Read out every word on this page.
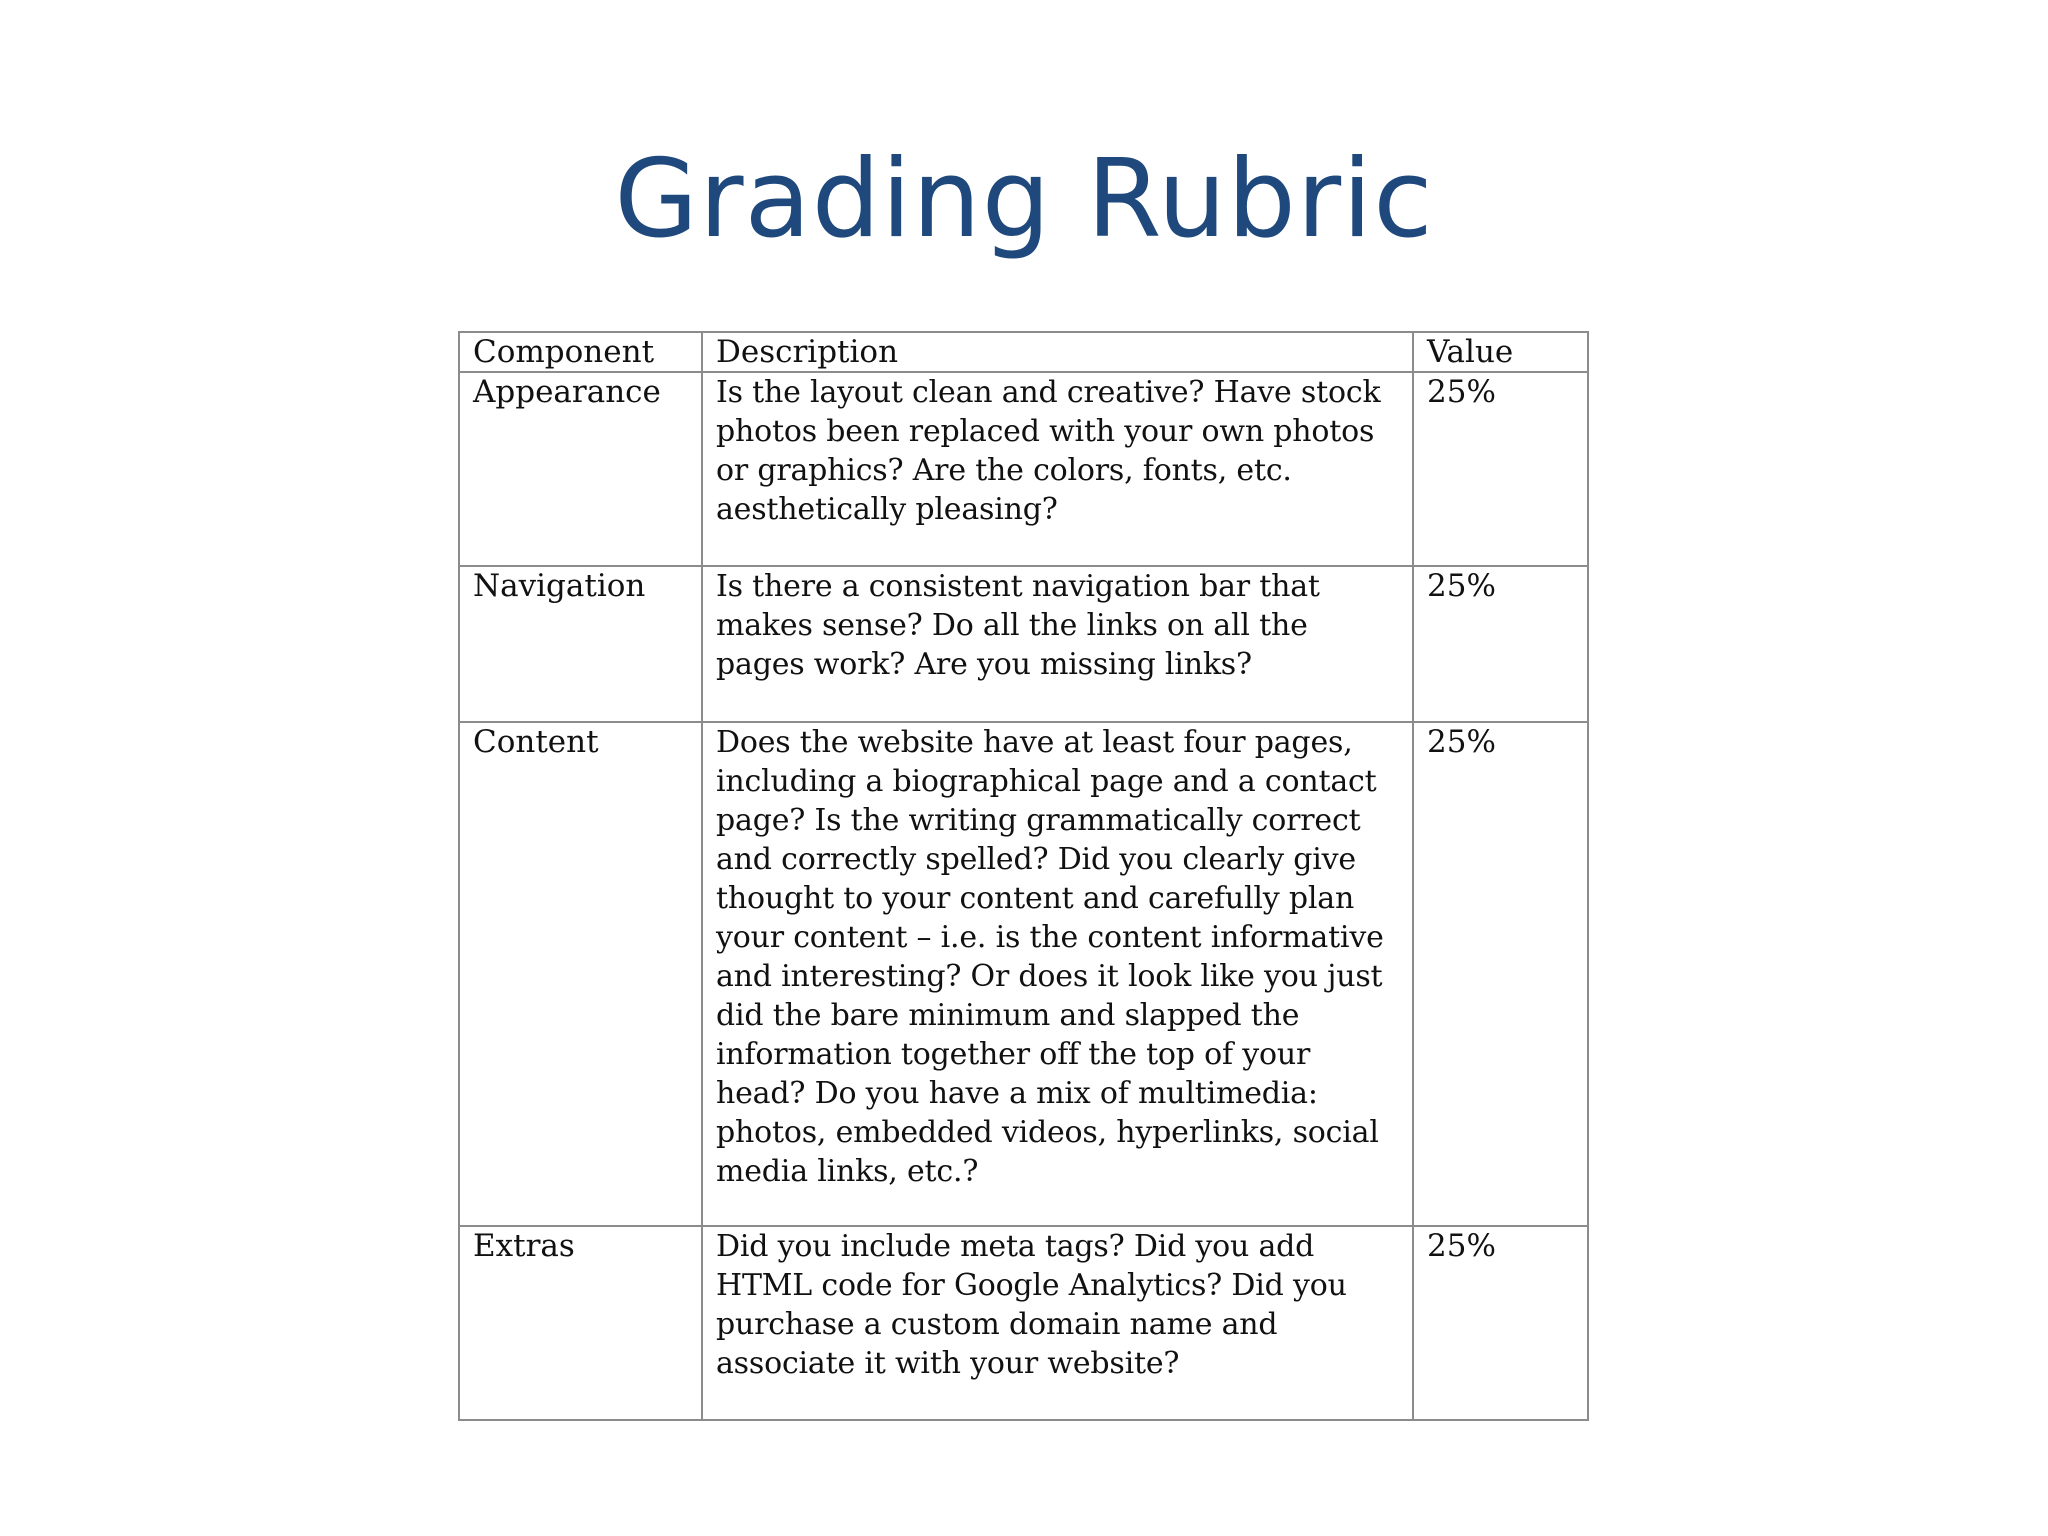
Grading Rubric
Component	Description	Value
Appearance	Is the layout clean and creative? Have stock photos been replaced with your own photos or graphics? Are the colors, fonts, etc. aesthetically pleasing?	25%
Navigation	Is there a consistent navigation bar that makes sense? Do all the links on all the pages work? Are you missing links?	25%
Content	Does the website have at least four pages, including a biographical page and a contact page? Is the writing grammatically correct and correctly spelled? Did you clearly give thought to your content and carefully plan your content – i.e. is the content informative and interesting? Or does it look like you just did the bare minimum and slapped the information together off the top of your head? Do you have a mix of multimedia: photos, embedded videos, hyperlinks, social media links, etc.?	25%
Extras	Did you include meta tags? Did you add HTML code for Google Analytics? Did you purchase a custom domain name and associate it with your website?	25%
